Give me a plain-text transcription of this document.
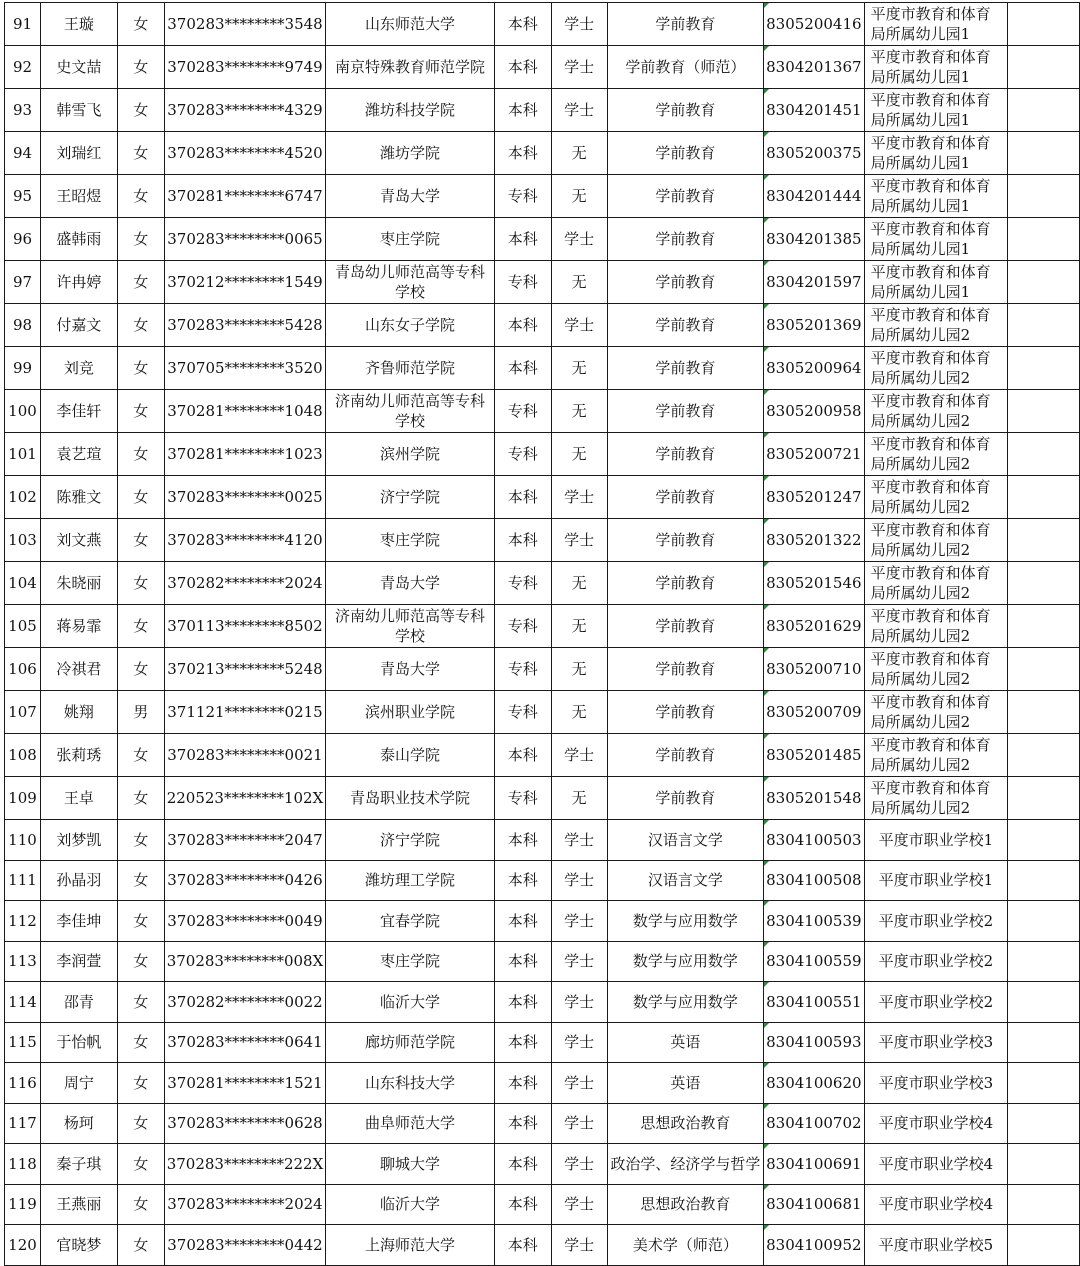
91	王璇	女	370283********3548	山东师范大学	本科	学士	学前教育	8305200416	平度市教育和体育局所属幼儿园1	
92	史文喆	女	370283********9749	南京特殊教育师范学院	本科	学士	学前教育（师范）	8304201367	平度市教育和体育局所属幼儿园1	
93	韩雪飞	女	370283********4329	潍坊科技学院	本科	学士	学前教育	8304201451	平度市教育和体育局所属幼儿园1	
94	刘瑞红	女	370283********4520	潍坊学院	本科	无	学前教育	8305200375	平度市教育和体育局所属幼儿园1	
95	王昭煜	女	370281********6747	青岛大学	专科	无	学前教育	8304201444	平度市教育和体育局所属幼儿园1	
96	盛韩雨	女	370283********0065	枣庄学院	本科	学士	学前教育	8304201385	平度市教育和体育局所属幼儿园1	
97	许冉婷	女	370212********1549	青岛幼儿师范高等专科学校	专科	无	学前教育	8304201597	平度市教育和体育局所属幼儿园1	
98	付嘉文	女	370283********5428	山东女子学院	本科	学士	学前教育	8305201369	平度市教育和体育局所属幼儿园2	
99	刘竞	女	370705********3520	齐鲁师范学院	本科	无	学前教育	8305200964	平度市教育和体育局所属幼儿园2	
100	李佳轩	女	370281********1048	济南幼儿师范高等专科学校	专科	无	学前教育	8305200958	平度市教育和体育局所属幼儿园2	
101	袁艺瑄	女	370281********1023	滨州学院	专科	无	学前教育	8305200721	平度市教育和体育局所属幼儿园2	
102	陈雅文	女	370283********0025	济宁学院	本科	学士	学前教育	8305201247	平度市教育和体育局所属幼儿园2	
103	刘文燕	女	370283********4120	枣庄学院	本科	学士	学前教育	8305201322	平度市教育和体育局所属幼儿园2	
104	朱晓丽	女	370282********2024	青岛大学	专科	无	学前教育	8305201546	平度市教育和体育局所属幼儿园2	
105	蒋易霏	女	370113********8502	济南幼儿师范高等专科学校	专科	无	学前教育	8305201629	平度市教育和体育局所属幼儿园2	
106	冷祺君	女	370213********5248	青岛大学	专科	无	学前教育	8305200710	平度市教育和体育局所属幼儿园2	
107	姚翔	男	371121********0215	滨州职业学院	专科	无	学前教育	8305200709	平度市教育和体育局所属幼儿园2	
108	张莉琇	女	370283********0021	泰山学院	本科	学士	学前教育	8305201485	平度市教育和体育局所属幼儿园2	
109	王卓	女	220523********102X	青岛职业技术学院	专科	无	学前教育	8305201548	平度市教育和体育局所属幼儿园2	
110	刘梦凯	女	370283********2047	济宁学院	本科	学士	汉语言文学	8304100503	平度市职业学校1	
111	孙晶羽	女	370283********0426	潍坊理工学院	本科	学士	汉语言文学	8304100508	平度市职业学校1	
112	李佳坤	女	370283********0049	宜春学院	本科	学士	数学与应用数学	8304100539	平度市职业学校2	
113	李润萱	女	370283********008X	枣庄学院	本科	学士	数学与应用数学	8304100559	平度市职业学校2	
114	邵青	女	370282********0022	临沂大学	本科	学士	数学与应用数学	8304100551	平度市职业学校2	
115	于怡帆	女	370283********0641	廊坊师范学院	本科	学士	英语	8304100593	平度市职业学校3	
116	周宁	女	370281********1521	山东科技大学	本科	学士	英语	8304100620	平度市职业学校3	
117	杨珂	女	370283********0628	曲阜师范大学	本科	学士	思想政治教育	8304100702	平度市职业学校4	
118	秦子琪	女	370283********222X	聊城大学	本科	学士	政治学、经济学与哲学	8304100691	平度市职业学校4	
119	王燕丽	女	370283********2024	临沂大学	本科	学士	思想政治教育	8304100681	平度市职业学校4	
120	官晓梦	女	370283********0442	上海师范大学	本科	学士	美术学（师范）	8304100952	平度市职业学校5	
